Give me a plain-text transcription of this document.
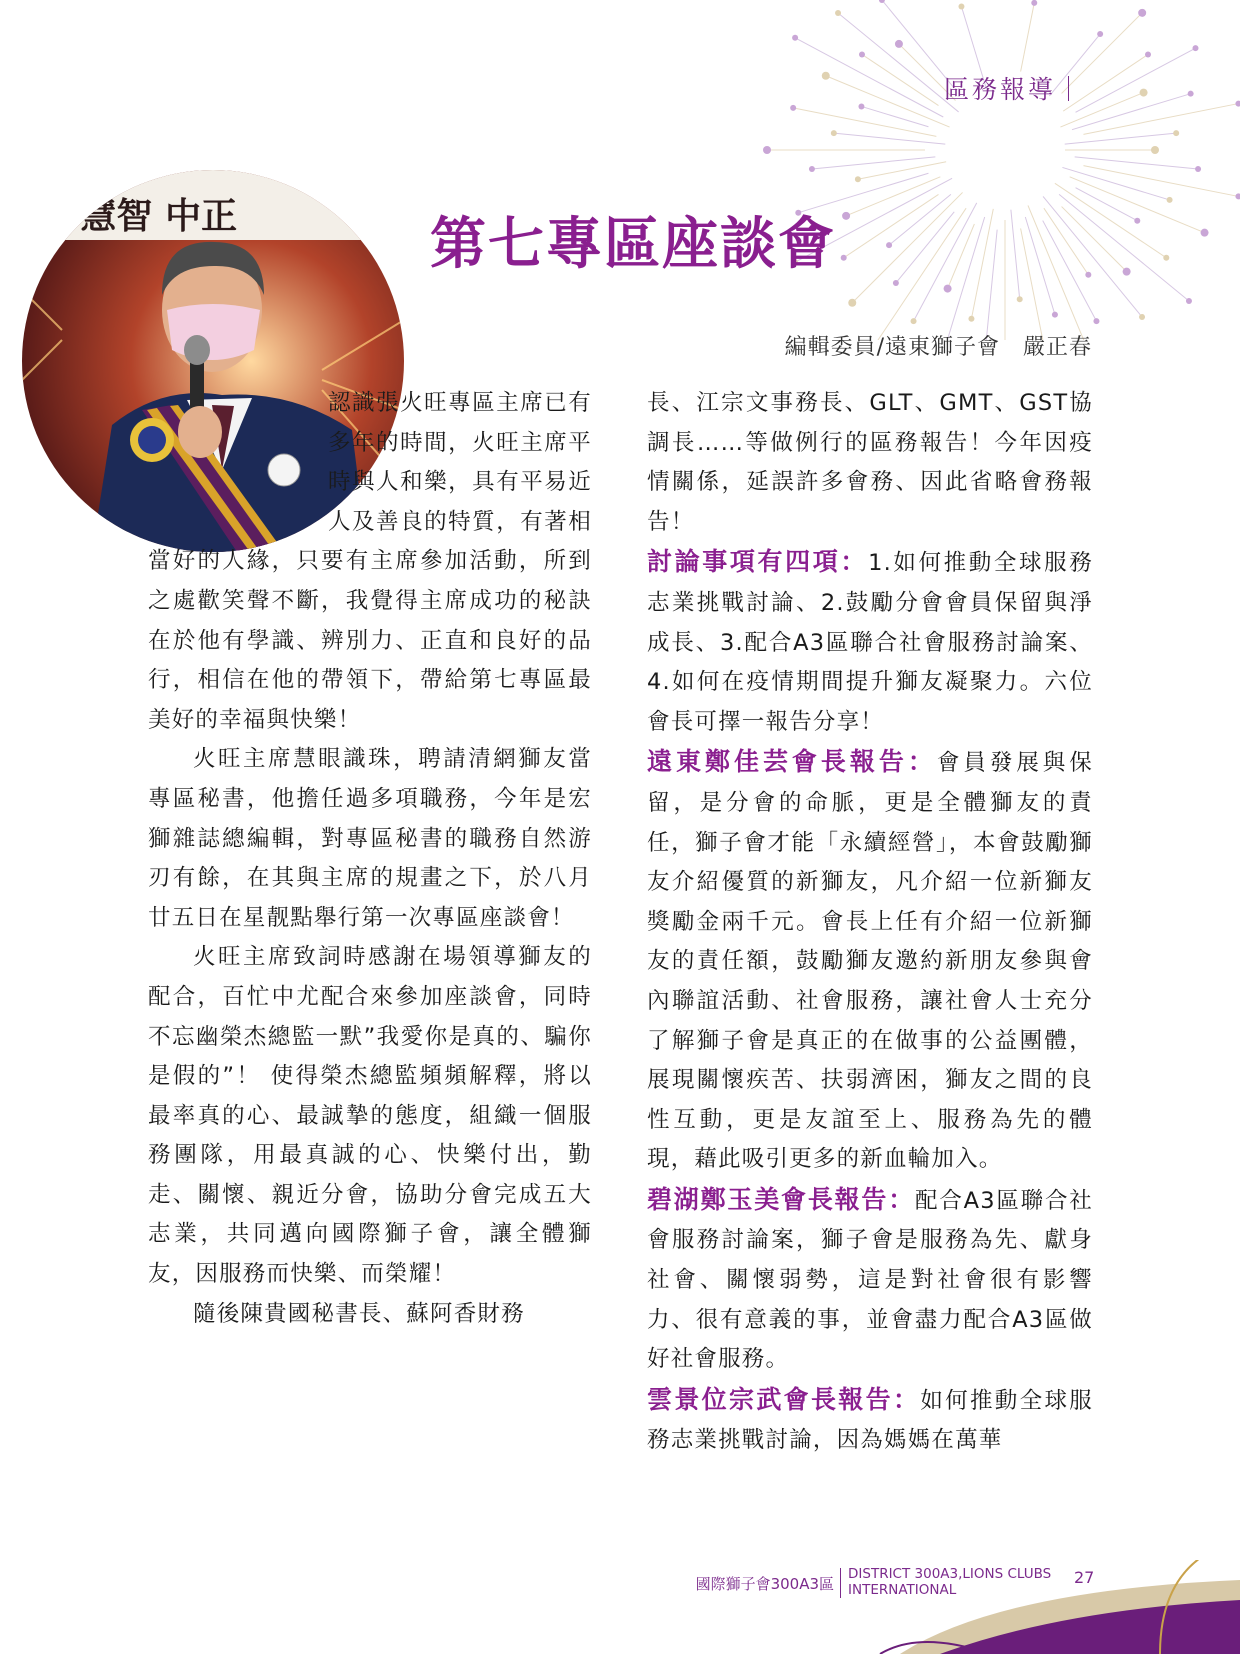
區務報導｜
第七專區座談會
編輯委員/遠東獅子會　嚴正春
區 慧智 中正

認識張火旺專區主席已有多年的時間，火旺主席平時與人和樂，具有平易近人及善良的特質，有著相當好的人緣，只要有主席參加活動，所到之處歡笑聲不斷，我覺得主席成功的秘訣在於他有學識、辨別力、正直和良好的品行，相信在他的帶領下，帶給第七專區最美好的幸福與快樂！

火旺主席慧眼識珠，聘請清網獅友當專區秘書，他擔任過多項職務，今年是宏獅雜誌總編輯，對專區秘書的職務自然游刃有餘，在其與主席的規畫之下，於八月廿五日在星靓點舉行第一次專區座談會！

火旺主席致詞時感謝在場領導獅友的配合，百忙中尤配合來參加座談會，同時不忘幽榮杰總監一默”我愛你是真的、騙你是假的”！ 使得榮杰總監頻頻解釋，將以最率真的心、最誠摯的態度，組織一個服務團隊，用最真誠的心、快樂付出，勤走、關懷、親近分會，協助分會完成五大志業，共同邁向國際獅子會，讓全體獅友，因服務而快樂、而榮耀！

隨後陳貴國秘書長、蘇阿香財務

長、江宗文事務長、GLT、GMT、GST協調長……等做例行的區務報告！今年因疫情關係，延誤許多會務、因此省略會務報告！

討論事項有四項：1.如何推動全球服務志業挑戰討論、2.鼓勵分會會員保留與淨成長、3.配合A3區聯合社會服務討論案、4.如何在疫情期間提升獅友凝聚力。六位會長可擇一報告分享！

遠東鄭佳芸會長報告：會員發展與保留，是分會的命脈，更是全體獅友的責任，獅子會才能「永續經營」，本會鼓勵獅友介紹優質的新獅友，凡介紹一位新獅友獎勵金兩千元。會長上任有介紹一位新獅友的責任額，鼓勵獅友邀約新朋友參與會內聯誼活動、社會服務，讓社會人士充分了解獅子會是真正的在做事的公益團體，展現關懷疾苦、扶弱濟困，獅友之間的良性互動，更是友誼至上、服務為先的體現，藉此吸引更多的新血輪加入。

碧湖鄭玉美會長報告：配合A3區聯合社會服務討論案，獅子會是服務為先、獻身社會、關懷弱勢，這是對社會很有影響力、很有意義的事，並會盡力配合A3區做好社會服務。

雲景位宗武會長報告：如何推動全球服務志業挑戰討論，因為媽媽在萬華

國際獅子會300A3區
DISTRICT 300A3,LIONS CLUBS INTERNATIONAL
27
